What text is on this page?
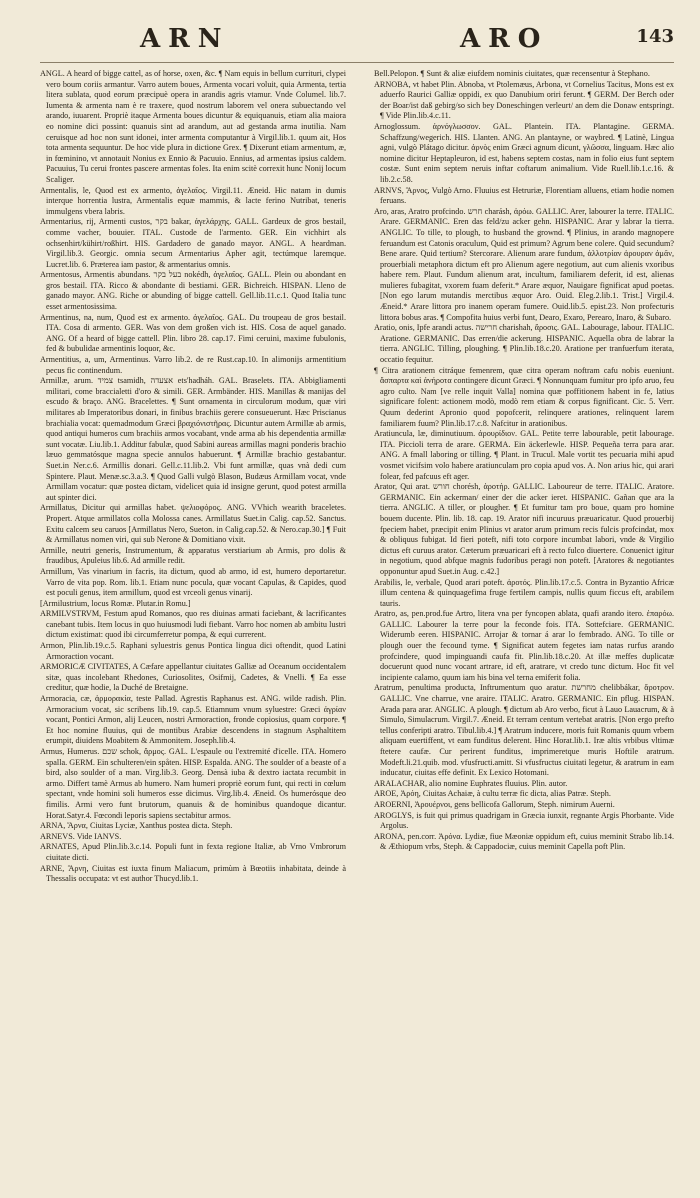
ARN	ARO	143

ANGL. A heard of bigge cattel, as of horse, oxen, &c. ¶ Nam equis in bellum currituri, clypei vero boum coriis armantur. Varro autem boues, Armenta vocari voluit, quia Armenta, tertia litera sublata, quod eorum præcipuè opera in arandis agris vtamur. Vnde Columel. lib.7. Iumenta & armenta nam è re traxere, quod nostrum laborem vel onera subuectando vel arando, iuuarent. Propriè itaque Armenta boues dicuntur & equiquanuis, etiam alia maiora eo nomine dici possint: quanuis sint ad arandum, aut ad gestanda arma inutilia. Nam ceruisque ad hoc non sunt idonei, inter armenta computantur à Virgil.lib.1. quum ait, Hos tota armenta sequuntur. De hoc vide plura in dictione Grex. ¶ Dixerunt etiam armentum, æ, in fœminino, vt annotauit Nonius ex Ennio & Pacuuio. Ennius, ad armentas ipsius caldem. Pacuuius, Tu cerui frontes pascere armentas foles. Ita enim scitè correxit hunc Nonij locum Scaliger.

Armentalis, le, Quod est ex armento, ἀγελαῖος. Virgil.11. Æneid. Hic natam in dumis interque horrentia lustra, Armentalis equæ mammis, & lacte ferino Nutribat, teneris immulgens vbera labris.

Armentarius, rij, Armenti custos, בקר bakar, ἀγελάρχης. GALL. Gardeux de gros bestail, comme vacher, bouuier. ITAL. Custode de l'armento. GER. Ein vichhirt als ochsenhirt/kühirt/roßhirt. HIS. Gardadero de ganado mayor. ANGL. A heardman. Virgil.lib.3. Georgic. omnia secum Armentarius Apher agit, tectúmque laremque. Lucret.lib. 6. Præterea iam pastor, & armentarius omnis.

Armentosus, Armentis abundans. בעל בקר nokédh, ἀγελαῖος. GALL. Plein ou abondant en gros bestail. ITA. Ricco & abondante di bestiami. GER. Bichreich. HISPAN. Lleno de ganado mayor. ANG. Riche or abunding of bigge cattell. Gell.lib.11.c.1. Quod Italia tunc esset armentosissima.

Armentinus, na, num, Quod est ex armento. ἀγελαῖος. GAL. Du troupeau de gros bestail. ITA. Cosa di armento. GER. Was von dem großen vich ist. HIS. Cosa de aquel ganado. ANG. Of a heard of bigge cattell. Plin. libro 28. cap.17. Fimi ceruini, maxime fubulonis, fed & bubulidae armentinis loquor, &c.

Armentitius, a, um, Armentinus. Varro lib.2. de re Rust.cap.10. In alimonijs armentitium pecus fic continendum.

Armillæ, arum. צמיד tsamidh, אצעדה ets'hadháh. GAL. Braselets. ITA. Abbigliamenti militari, come braccialetti d'oro & simili. GER. Armbänder. HIS. Manillas & manijas del escudo & braço. ANG. Bracelettes. ¶ Sunt ornamenta in circulorum modum, quæ viri militares ab Imperatoribus donari, in finibus brachiis gerere consueuerunt. Hæc Priscianus brachialia vocat: quemadmodum Græci βραχιόνιστῆρας. Dicuntur autem Armillæ ab armis, quod antiqui humeros cum brachiis armos vocabant, vnde arma ab his dependentia armillæ sunt vocatæ. Liu.lib.1. Additur fabulæ, quod Sabini aureas armillas magni ponderis brachio læuo gemmatósque magna specie annulos habuerunt. ¶ Armillæ brachio gestabantur. Suet.in Ner.c.6. Armillis donari. Gell.c.11.lib.2. Vbi funt armillæ, quas vnà dedi cum Spintere. Plaut. Menæ.sc.3.a.3. ¶ Quod Galli vulgò Blason, Budæus Armillam vocat, vnde Armillam vocatur: quæ postea dictam, videlicet quia id insigne gerunt, quod potest armilla aut spinter dici.

Armillatus, Dicitur qui armillas habet. ψελιοφόρος. ANG. VVhich wearith braceletes. Propert. Atque armillatos colla Molossa canes. Armillatus Suet.in Calig. cap.52. Sanctus. Exitu calcem seu caruos [Armillatus Nero, Sueton. in Calig.cap.52. & Nero.cap.30.] ¶ Fuit & Armillatus nomen viri, qui sub Nerone & Domitiano vixit.

Armille, neutri generis, Instrumentum, & apparatus verstiarium ab Armis, pro dolis & fraudibus, Apuleius lib.6. Ad armille redit.

Armillum, Vas vinarium in facris, ita dictum, quod ab armo, id est, humero deportaretur. Varro de vita pop. Rom. lib.1. Etiam nunc pocula, quæ vocant Capulas, & Capides, quod est poculi genus, item armillum, quod est vrceoli genus vinarij.

[Armilustrium, locus Romæ. Plutar.in Romu.]

ARMILVSTRVM, Festum apud Romanos, quo res diuinas armati faciebant, & lacrificantes canebant tubis. Item locus in quo huiusmodi ludi fiebant. Varro hoc nomen ab ambitu lustri dictum existimat: quod ibi circumferretur pompa, & equi currerent.

Armon, Plin.lib.19.c.5. Raphani syluestris genus Pontica lingua dici oftendit, quod Latini Armoraction vocant.

ARMORICÆ CIVITATES, A Cæfare appellantur ciuitates Galliæ ad Oceanum occidentalem sitæ, quas incolebant Rhedones, Curiosolites, Osifmij, Cadetes, & Vnelli. ¶ Ea esse creditur, quæ hodie, la Duché de Bretaigne.

Armoracia, cæ, ἀρμορακία, teste Pallad. Agrestis Raphanus est. ANG. wilde radish. Plin. Armoracium vocat, sic scribens lib.19. cap.5. Etiamnum vnum syluestre: Græci ἀγρίαν vocant, Pontici Armon, alij Leucen, nostri Armoraction, fronde copiosius, quam corpore. ¶ Et hoc nomine fluuius, qui de montibus Arabiæ descendens in stagnum Asphaltitem erumpit, diuidens Moabitem & Ammonitem. Joseph.lib.4.

Armus, Humerus. שכם schok, ἄρμος. GAL. L'espaule ou l'extremité d'icelle. ITA. Homero spalla. GERM. Ein schulteren/ein spåten. HISP. Espalda. ANG. The soulder of a beaste of a bird, also soulder of a man. Virg.lib.3. Georg. Densà iuba & dextro iactata recumbit in armo. Differt tamè Armus ab humero. Nam humeri propriè eorum funt, qui recti in cœlum spectant, vnde homini soli humeros esse dicimus. Virg.lib.4. Æneid. Os humerósque deo fimilis. Armi vero funt brutorum, quanuis & de hominibus quandoque dicantur. Horat.Satyr.4. Fœcondi leporis sapiens sectabitur armos.

ARNA, Ἄρνα, Ciuitas Lyciæ, Xanthus postea dicta. Steph.

ARNEVS. Vide IANVS.

ARNATES, Apud Plin.lib.3.c.14. Populi funt in fexta regione Italiæ, ab Vrno Vmbrorum ciuitate dicti.

ARNE, Ἄρνη, Ciuitas est iuxta finum Maliacum, primùm à Bœotiis inhabitata, deinde à Thessalis occupata: vt est author Thucyd.lib.1.

Bell.Pelopon. ¶ Sunt & aliæ eiufdem nominis ciuitates, quæ recensentur à Stephano.

ARNOBA, vt habet Plin. Abnoba, vt Ptolemæus, Arbona, vt Cornelius Tacitus, Mons est ex aduerfo Raurici Galliæ oppidi, ex quo Danubium oriri ferunt. ¶ GERM. Der Berch oder der Boar/ist daß gebirg/so sich bey Doneschingen verleurt/ an dem die Donaw entspringt. ¶ Vide Plin.lib.4.c.11.

Arnoglossum. ἀρνόγλωσσον. GAL. Plantein. ITA. Plantagine. GERMA. Schaffzung/wegerich. HIS. Llanten. ANG. An plantayne, or waybred. ¶ Latinè, Lingua agni, vulgò Plátago dicitur. ἀρνὸς enim Græci agnum dicunt, γλῶσσα, linguam. Hæc alio nomine dicitur Heptapleuron, id est, habens septem costas, nam in folio eius funt septem costæ. Sunt enim septem neruis inftar coftarum animalium. Vide Ruell.lib.1.c.16. & lib.2.c.58.

ARNVS, Ἄρνος, Vulgò Arno. Fluuius est Hetruriæ, Florentiam alluens, etiam hodie nomen feruans.

Aro, aras, Aratro profcindo. חרש charásh, ἀρόω. GALLIC. Arer, labourer la terre. ITALIC. Arare. GERMANIC. Eren das feld/zu acker gehn. HISPANIC. Arar y labrar la tierra. ANGLIC. To tille, to plough, to husband the grownd. ¶ Plinius, in arando magnopere feruandum est Catonis oraculum, Quid est primum? Agrum bene colere. Quid secundum? Bene arare. Quid tertium? Stercorare. Alienum arare fundum, ἀλλοτρίαν ἀρουραν ἀμᾶν, prouerbiali metaphora dictum eft pro Alienum agere negotium, aut cum alienis vxoribus habere rem. Plaut. Fundum alienum arat, incultum, familiarem deferit, id est, alienas mulieres fubagitat, vxorem fuam deferit.* Arare æquor, Nauigare fignificat apud poetas. [Non ego larum mutandis merctibus æquor Aro. Ouid. Eleg.2.lib.1. Trist.] Virgil.4. Æneid.* Arare littora pro inanem operam fumere. Ouid.lib.5. epist.23. Non profecturis littora bobus aras. ¶ Compofita huius verbi funt, Dearo, Exaro, Perearo, Inaro, & Subaro.

Aratio, onis, Ipfe arandi actus. חרישה charishah, ἄροσις. GAL. Labourage, labour. ITALIC. Aratione. GERMANIC. Das erren/die ackerung. HISPANIC. Aquella obra de labrar la tierra. ANGLIC. Tilling, ploughing. ¶ Plin.lib.18.c.20. Aratione per tranfuerfum iterata, occatio fequitur.

¶ Citra arationem citráque femenrem, quæ citra operam noftram cafu nobis eueniunt. ἄσπαρτα καὶ ἀνήροτα contingere dicunt Græci. ¶ Nonnunquam fumitur pro ipfo aruo, feu agro culto. Nam [ve relle inquit Valla] nomina quæ poffitionem habent in fe, latius significare folent: actionem modò, modò rem etiam & corpus fignificant. Cic. 5. Verr. Quum dederint Apronio quod popofcerit, relinquere arationes, relinquent larem familiarem fuum? Plin.lib.17.c.8. Nafcitur in arationibus.

Aratiuncula, læ, diminutiuum. ἀρουρίδιον. GAL. Petite terre labourable, petit labourage. ITA. Piccioli terra de arare. GERMA. Ein äckerlewle. HISP. Pequeña terra para arar. ANG. A fmall laboring or tilling. ¶ Plant. in Trucul. Male vortit tes pecuaria mihi apud vosmet vicifsim volo habere aratiunculam pro copia apud vos. A. Non arius hic, qui arari folear, fed pafcuus eft ager.

Arator, Qui arat. חורש chorésh, ἀροτήρ. GALLIC. Laboureur de terre. ITALIC. Aratore. GERMANIC. Ein ackerman/ einer der die acker ieret. HISPANIC. Gañan que ara la tierra. ANGLIC. A tiller, or plougher. ¶ Et fumitur tam pro boue, quam pro homine bouem ducente. Plin. lib. 18. cap. 19. Arator nifi incuruus præuaricatur. Quod prouerbij fpeciem habet, præcipit enim Plinius vt arator arum primum recis fulcis profcindat, mox & obliquus fubigat. Id fieri poteft, nifi toto corpore incumbat labori, vnde & Virgilio dictus eft curuus arator. Cæterum præuaricari eft à recto fulco diuertere. Conuenict igitur in negotium, quod abfque magnis fudoribus peragi non poteft. [Aratores & negotiantes opponuntur apud Suet.in Aug. c.42.]

Arabilis, le, verbale, Quod arari poteft. ἀροτός. Plin.lib.17.c.5. Contra in Byzantio Africæ illum centena & quinquagefima fruge fertilem campis, nullis quum ficcus eft, arabilem tauris.

Aratro, as, pen.prod.fue Artro, litera vna per fyncopen ablata, quafi arando itero. ἐπαρόω. GALLIC. Labourer la terre pour la feconde fois. ITA. Sottefciare. GERMANIC. Widerumb eeren. HISPANIC. Arrojar & tornar á arar lo fembrado. ANG. To tille or plough ouer the fecound tyme. ¶ Significat autem fegetes iam natas rurfus arando profcindere, quod impinguandi caufa fit. Plin.lib.18.c.20. At illæ meffes duplicatæ docuerunt quod nunc vocant artrare, id eft, aratrare, vt credo tunc dictum. Hoc fit vel incipiente calamo, quum iam his bina vel terna emiferit folia.

Aratrum, penultima producta, Inftrumentum quo aratur. מחרשת chelibbákar, ἄροτρον. GALLIC. Vne charrue, vne araire. ITALIC. Aratro. GERMANIC. Ein pflug. HISPAN. Arada para arar. ANGLIC. A plough. ¶ dictum ab Aro verbo, ficut à Lauo Lauacrum, & à Simulo, Simulacrum. Virgil.7. Æneid. Et terram centum vertebat aratris. [Non ergo prefto tellus conferipti aratro. Tibul.lib.4.] ¶ Aratrum inducere, moris fuit Romanis quum vrbem aliquam euertiffent, vt eam funditus delerent. Hinc Horat.lib.1. Iræ altis vrbibus vltimæ ftetere caufæ. Cur perirent funditus, imprimeretque muris Hoftile aratrum. Modeft.li.21.quib. mod. vfusfructi.amitt. Si vfusfructus ciuitati legetur, & aratrum in eam inducatur, ciuitas effe definit. Ex Lexico Hotomani.

ARALACHAR, alio nomine Euphrates fluuius. Plin. autor.

AROE, Ἀρόη, Ciuitas Achaiæ, à cultu terræ fic dicta, alias Patræ. Steph.

AROERNI, Ἀρουέρνοι, gens bellicofa Gallorum, Steph. nimirum Auerni.

AROGLYS, is fuit qui primus quadrigam in Græcia iunxit, regnante Argis Phorbante. Vide Argolus.

ARONA, pen.corr. Ἀρόνα. Lydiæ, fiue Mæoniæ oppidum eft, cuius meminit Strabo lib.14. & Æthiopum vrbs, Steph. & Cappadociæ, cuius meminit Capella poft Plin.
